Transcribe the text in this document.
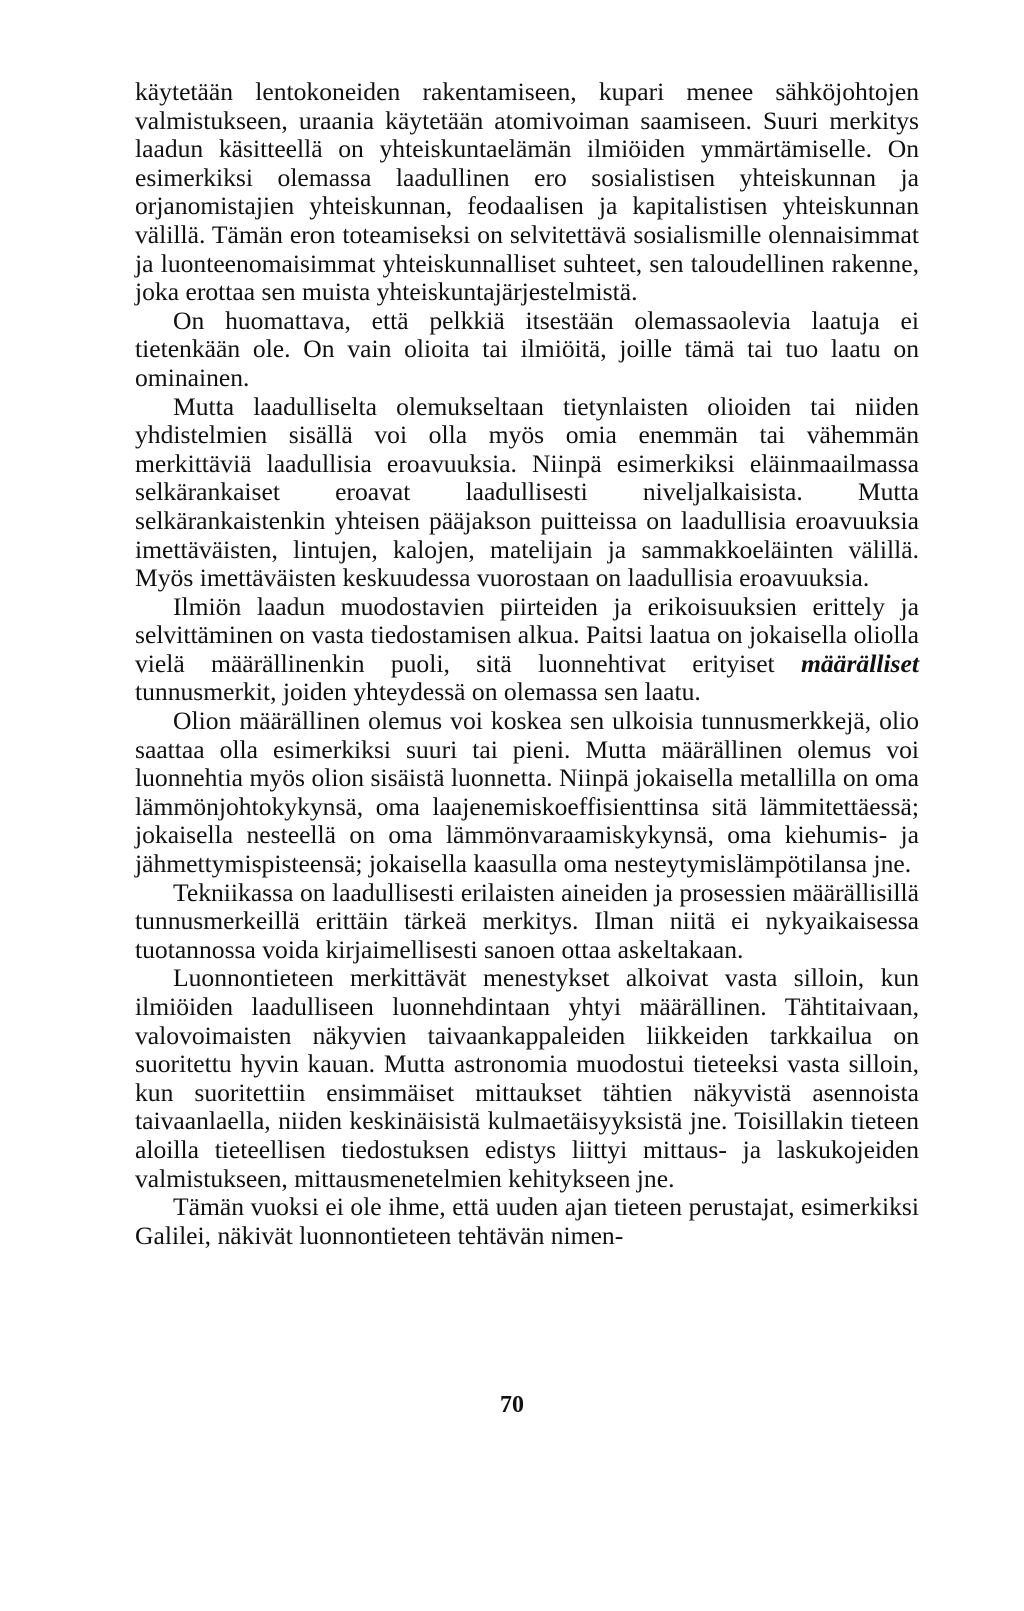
käytetään lentokoneiden rakentamiseen, kupari menee sähköjohtojen valmistukseen, uraania käytetään atomivoiman saamiseen. Suuri merkitys laadun käsitteellä on yhteiskuntaelämän ilmiöiden ymmärtämiselle. On esimerkiksi olemassa laadullinen ero sosialistisen yhteiskunnan ja orjanomistajien yhteiskunnan, feodaalisen ja kapitalistisen yhteiskunnan välillä. Tämän eron toteamiseksi on selvitettävä sosialismille olennaisimmat ja luonteenomaisimmat yhteiskunnalliset suhteet, sen taloudellinen rakenne, joka erottaa sen muista yhteiskuntajärjestelmistä.

On huomattava, että pelkkiä itsestään olemassaolevia laatuja ei tietenkään ole. On vain olioita tai ilmiöitä, joille tämä tai tuo laatu on ominainen.

Mutta laadulliselta olemukseltaan tietynlaisten olioiden tai niiden yhdistelmien sisällä voi olla myös omia enemmän tai vähemmän merkittäviä laadullisia eroavuuksia. Niinpä esimerkiksi eläinmaailmassa selkärankaiset eroavat laadullisesti niveljalkaisista. Mutta selkärankaistenkin yhteisen pääjakson puitteissa on laadullisia eroavuuksia imettäväisten, lintujen, kalojen, matelijain ja sammakkoeläinten välillä. Myös imettäväisten keskuudessa vuorostaan on laadullisia eroavuuksia.

Ilmiön laadun muodostavien piirteiden ja erikoisuuksien erittely ja selvittäminen on vasta tiedostamisen alkua. Paitsi laatua on jokaisella oliolla vielä määrällinenkin puoli, sitä luonnehtivat erityiset määrälliset tunnusmerkit, joiden yhteydessä on olemassa sen laatu.

Olion määrällinen olemus voi koskea sen ulkoisia tunnusmerkkejä, olio saattaa olla esimerkiksi suuri tai pieni. Mutta määrällinen olemus voi luonnehtia myös olion sisäistä luonnetta. Niinpä jokaisella metallilla on oma lämmönjohtokykynsä, oma laajenemiskoeffisienttinsa sitä lämmitettäessä; jokaisella nesteellä on oma lämmönvaraamiskykynsä, oma kiehumis- ja jähmettymispisteensä; jokaisella kaasulla oma nesteytymislämpötilansa jne.

Tekniikassa on laadullisesti erilaisten aineiden ja prosessien määrällisillä tunnusmerkeillä erittäin tärkeä merkitys. Ilman niitä ei nykyaikaisessa tuotannossa voida kirjaimellisesti sanoen ottaa askeltakaan.

Luonnontieteen merkittävät menestykset alkoivat vasta silloin, kun ilmiöiden laadulliseen luonnehdintaan yhtyi määrällinen. Tähtitaivaan, valovoimaisten näkyvien taivaankappaleiden liikkeiden tarkkailua on suoritettu hyvin kauan. Mutta astronomia muodostui tieteeksi vasta silloin, kun suoritettiin ensimmäiset mittaukset tähtien näkyvistä asennoista taivaanlaella, niiden keskinäisistä kulmaetäisyyksistä jne. Toisillakin tieteen aloilla tieteellisen tiedostuksen edistys liittyi mittaus- ja laskukojeiden valmistukseen, mittausmenetelmien kehitykseen jne.

Tämän vuoksi ei ole ihme, että uuden ajan tieteen perustajat, esimerkiksi Galilei, näkivät luonnontieteen tehtävän nimen-

70
